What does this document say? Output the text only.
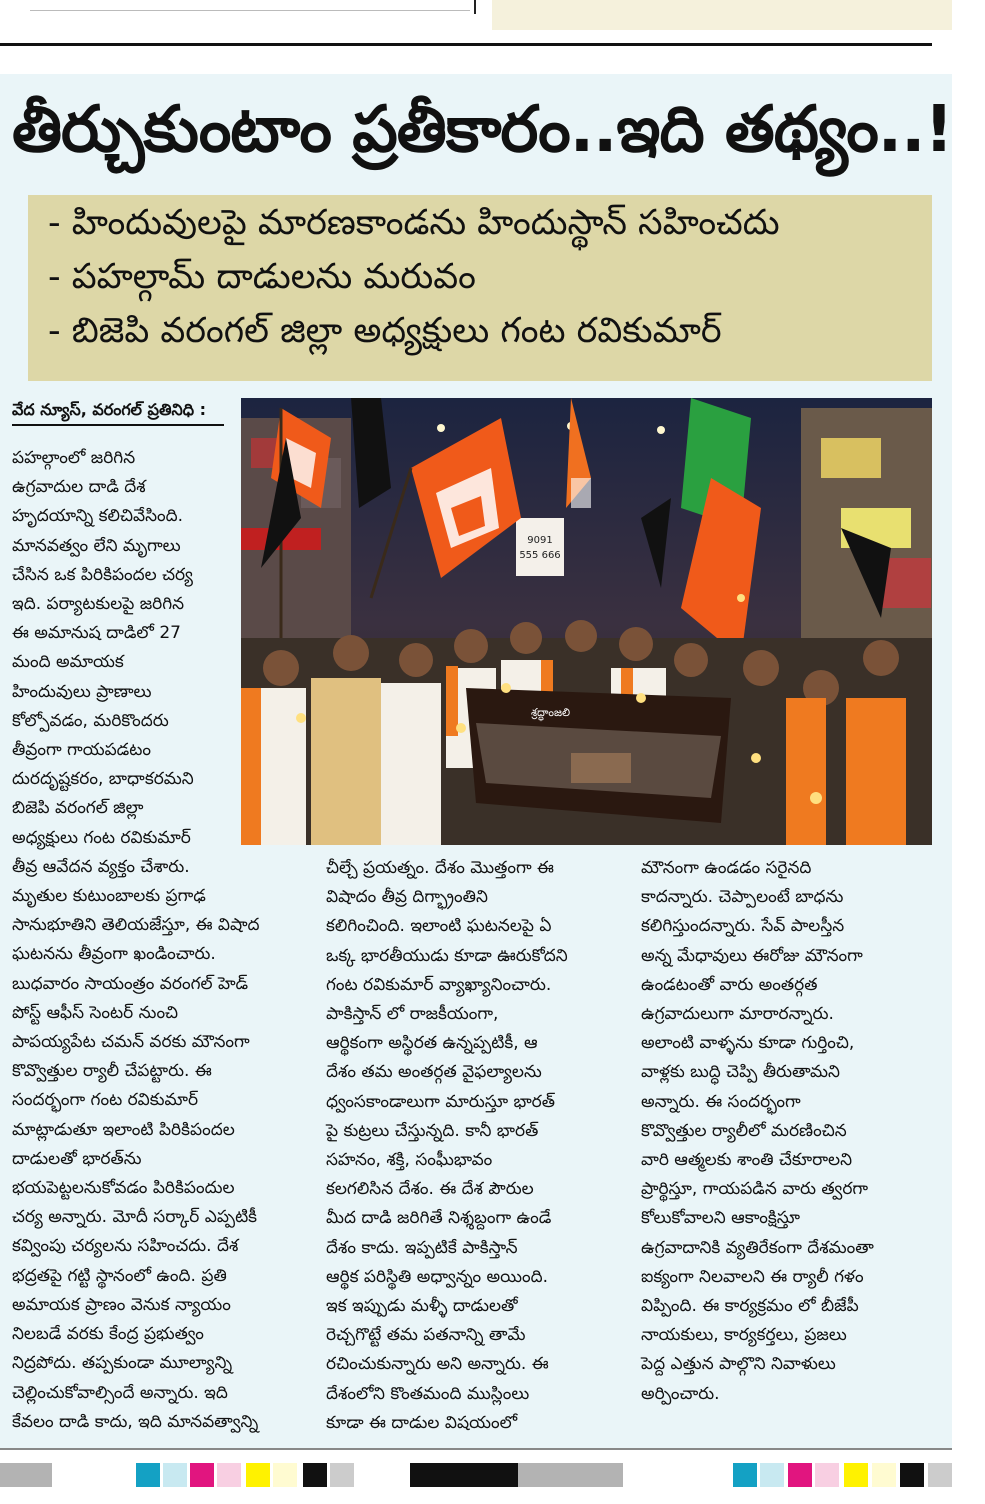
తీర్చుకుంటాం ప్రతీకారం..ఇది తథ్యం..!
- హిందువులపై మారణకాండను హిందుస్థాన్ సహించదు
- పహల్గామ్ దాడులను మరువం
- బిజెపి వరంగల్ జిల్లా అధ్యక్షులు గంట రవికుమార్
వేద న్యూస్, వరంగల్ ప్రతినిధి :
9091
555 666
శ్రద్ధాంజలి
పహల్గాంలో జరిగిన
ఉగ్రవాదుల దాడి దేశ
హృదయాన్ని కలిచివేసింది.
మానవత్వం లేని మృగాలు
చేసిన ఒక పిరికిపందల చర్య
ఇది. పర్యాటకులపై జరిగిన
ఈ అమానుష దాడిలో 27
మంది అమాయక
హిందువులు ప్రాణాలు
కోల్పోవడం, మరికొందరు
తీవ్రంగా గాయపడటం
దురదృష్టకరం, బాధాకరమని
బిజెపి వరంగల్ జిల్లా
అధ్యక్షులు గంట రవికుమార్
తీవ్ర ఆవేదన వ్యక్తం చేశారు.
మృతుల కుటుంబాలకు ప్రగాఢ
సానుభూతిని తెలియజేస్తూ, ఈ విషాద
ఘటనను తీవ్రంగా ఖండించారు.
బుధవారం సాయంత్రం వరంగల్ హెడ్
పోస్ట్ ఆఫీస్ సెంటర్ నుంచి
పాపయ్యపేట చమన్ వరకు మౌనంగా
కొవ్వొత్తుల ర్యాలీ చేపట్టారు. ఈ
సందర్భంగా గంట రవికుమార్
మాట్లాడుతూ ఇలాంటి పిరికిపందల
దాడులతో భారత్‌ను
భయపెట్టలనుకోవడం పిరికిపందుల
చర్య అన్నారు. మోదీ సర్కార్ ఎప్పటికీ
కవ్వింపు చర్యలను సహించదు. దేశ
భద్రతపై గట్టి స్థానంలో ఉంది. ప్రతి
అమాయక ప్రాణం వెనుక న్యాయం
నిలబడే వరకు కేంద్ర ప్రభుత్వం
నిద్రపోదు. తప్పకుండా మూల్యాన్ని
చెల్లించుకోవాల్సిందే అన్నారు. ఇది
కేవలం దాడి కాదు, ఇది మానవత్వాన్ని
చీల్చే ప్రయత్నం. దేశం మొత్తంగా ఈ
విషాదం తీవ్ర దిగ్భ్రాంతిని
కలిగించింది. ఇలాంటి ఘటనలపై ఏ
ఒక్క భారతీయుడు కూడా ఊరుకోదని
గంట రవికుమార్ వ్యాఖ్యానించారు.
పాకిస్తాన్ లో రాజకీయంగా,
ఆర్థికంగా అస్థిరత ఉన్నప్పటికీ, ఆ
దేశం తమ అంతర్గత వైఫల్యాలను
ధ్వంసకాండాలుగా మారుస్తూ భారత్
పై కుట్రలు చేస్తున్నది. కానీ భారత్
సహనం, శక్తి, సంఘీభావం
కలగలిసిన దేశం. ఈ దేశ పౌరుల
మీద దాడి జరిగితే నిశ్శబ్దంగా ఉండే
దేశం కాదు. ఇప్పటికే పాకిస్తాన్
ఆర్థిక పరిస్థితి అధ్వాన్నం అయింది.
ఇక ఇప్పుడు మళ్ళీ దాడులతో
రెచ్చగొట్టే తమ పతనాన్ని తామే
రచించుకున్నారు అని అన్నారు. ఈ
దేశంలోని కొంతమంది ముస్లింలు
కూడా ఈ దాడుల విషయంలో
మౌనంగా ఉండడం సరైనది
కాదన్నారు. చెప్పాలంటే బాధను
కలిగిస్తుందన్నారు. సేవ్ పాలస్తీన
అన్న మేధావులు ఈరోజు మౌనంగా
ఉండటంతో వారు అంతర్గత
ఉగ్రవాదులుగా మారారన్నారు.
అలాంటి వాళ్ళను కూడా గుర్తించి,
వాళ్లకు బుద్ధి చెప్పి తీరుతామని
అన్నారు. ఈ సందర్భంగా
కొవ్వొత్తుల ర్యాలీలో మరణించిన
వారి ఆత్మలకు శాంతి చేకూరాలని
ప్రార్థిస్తూ, గాయపడిన వారు త్వరగా
కోలుకోవాలని ఆకాంక్షిస్తూ
ఉగ్రవాదానికి వ్యతిరేకంగా దేశమంతా
ఐక్యంగా నిలవాలని ఈ ర్యాలీ గళం
విప్పింది. ఈ కార్యక్రమం లో బీజేపీ
నాయకులు, కార్యకర్తలు, ప్రజలు
పెద్ద ఎత్తున పాల్గొని నివాళులు
అర్పించారు.
